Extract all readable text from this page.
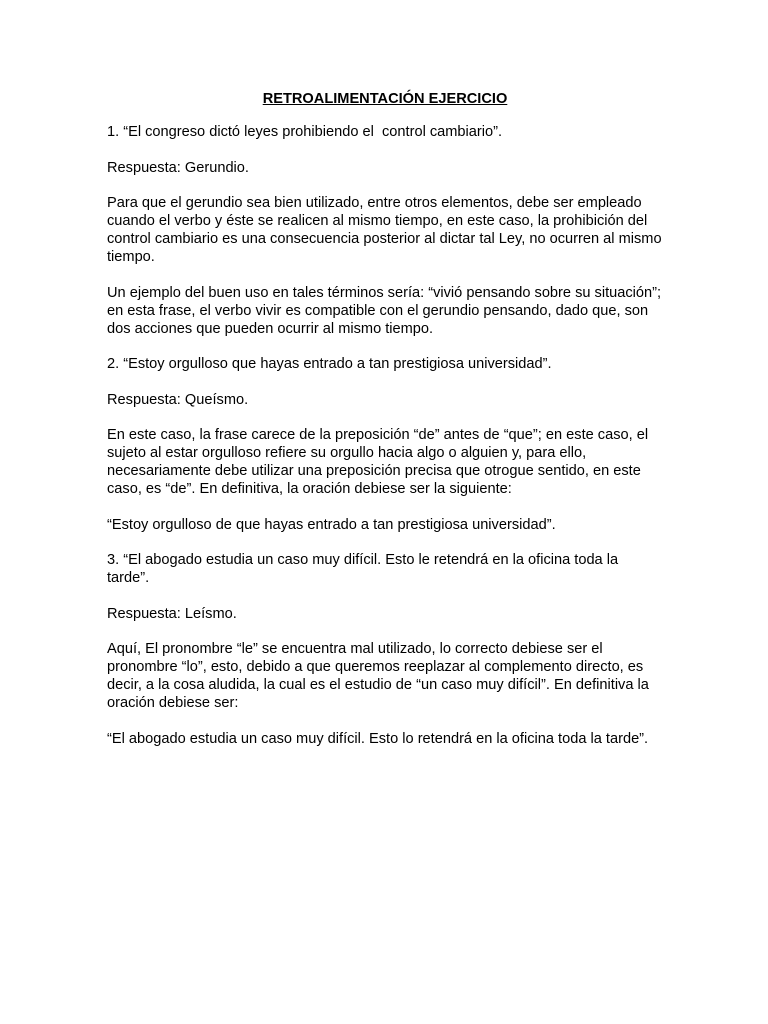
RETROALIMENTACIÓN EJERCICIO

1. “El congreso dictó leyes prohibiendo el  control cambiario”.

Respuesta: Gerundio.

Para que el gerundio sea bien utilizado, entre otros elementos, debe ser empleado cuando el verbo y éste se realicen al mismo tiempo, en este caso, la prohibición del control cambiario es una consecuencia posterior al dictar tal Ley, no ocurren al mismo tiempo.

Un ejemplo del buen uso en tales términos sería: “vivió pensando sobre su situación”; en esta frase, el verbo vivir es compatible con el gerundio pensando, dado que, son dos acciones que pueden ocurrir al mismo tiempo.

2. “Estoy orgulloso que hayas entrado a tan prestigiosa universidad”.

Respuesta: Queísmo.

En este caso, la frase carece de la preposición “de” antes de “que”; en este caso, el sujeto al estar orgulloso refiere su orgullo hacia algo o alguien y, para ello, necesariamente debe utilizar una preposición precisa que otrogue sentido, en este caso, es “de”. En definitiva, la oración debiese ser la siguiente:

“Estoy orgulloso de que hayas entrado a tan prestigiosa universidad”.

3. “El abogado estudia un caso muy difícil. Esto le retendrá en la oficina toda la tarde”.

Respuesta: Leísmo.

Aquí, El pronombre “le” se encuentra mal utilizado, lo correcto debiese ser el pronombre “lo”, esto, debido a que queremos reeplazar al complemento directo, es decir, a la cosa aludida, la cual es el estudio de “un caso muy difícil”. En definitiva la oración debiese ser:

“El abogado estudia un caso muy difícil. Esto lo retendrá en la oficina toda la tarde”.
